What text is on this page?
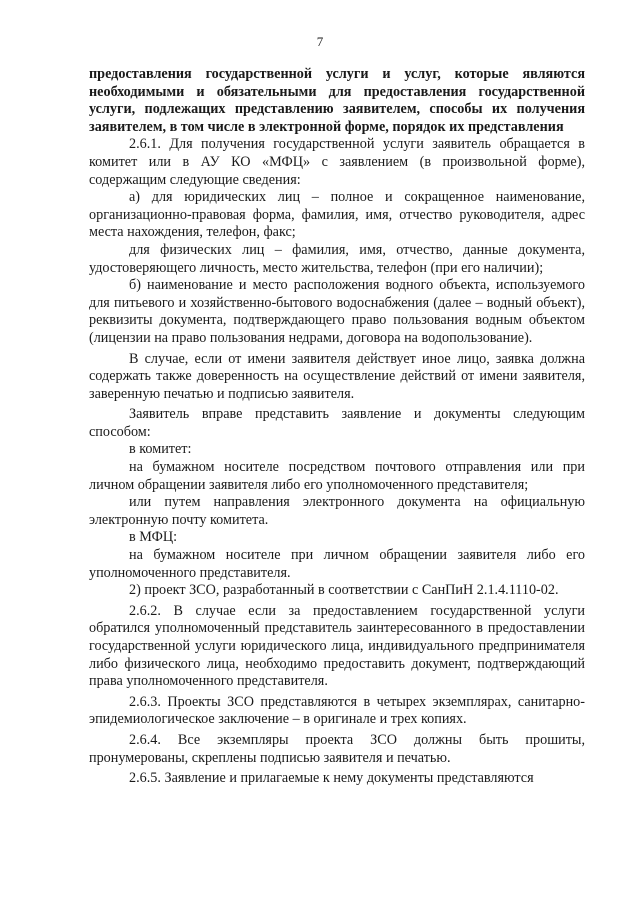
7

предоставления государственной услуги и услуг, которые являются необходимыми и обязательными для предоставления государственной услуги, подлежащих представлению заявителем, способы их получения заявителем, в том числе в электронной форме, порядок их представления

2.6.1. Для получения государственной услуги заявитель обращается в комитет или в АУ КО «МФЦ» с заявлением (в произвольной форме), содержащим следующие сведения:

а) для юридических лиц – полное и сокращенное наименование, организационно-правовая форма, фамилия, имя, отчество руководителя, адрес места нахождения, телефон, факс;

для физических лиц – фамилия, имя, отчество, данные документа, удостоверяющего личность, место жительства, телефон (при его наличии);

б) наименование и место расположения водного объекта, используемого для питьевого и хозяйственно-бытового водоснабжения (далее – водный объект), реквизиты документа, подтверждающего право пользования водным объектом (лицензии на право пользования недрами, договора на водопользование).

В случае, если от имени заявителя действует иное лицо, заявка должна содержать также доверенность на осуществление действий от имени заявителя, заверенную печатью и подписью заявителя.

Заявитель вправе представить заявление и документы следующим способом:

в комитет:

на бумажном носителе посредством почтового отправления или при личном обращении заявителя либо его уполномоченного представителя;

или путем направления электронного документа на официальную электронную почту комитета.

в МФЦ:

на бумажном носителе при личном обращении заявителя либо его уполномоченного представителя.

2) проект ЗСО, разработанный в соответствии с СанПиН 2.1.4.1110-02.

2.6.2. В случае если за предоставлением государственной услуги обратился уполномоченный представитель заинтересованного в предоставлении государственной услуги юридического лица, индивидуального предпринимателя либо физического лица, необходимо предоставить документ, подтверждающий права уполномоченного представителя.

2.6.3. Проекты ЗСО представляются в четырех экземплярах, санитарно-эпидемиологическое заключение – в оригинале и трех копиях.

2.6.4. Все экземпляры проекта ЗСО должны быть прошиты, пронумерованы, скреплены подписью заявителя и печатью.

2.6.5. Заявление и прилагаемые к нему документы представляются
